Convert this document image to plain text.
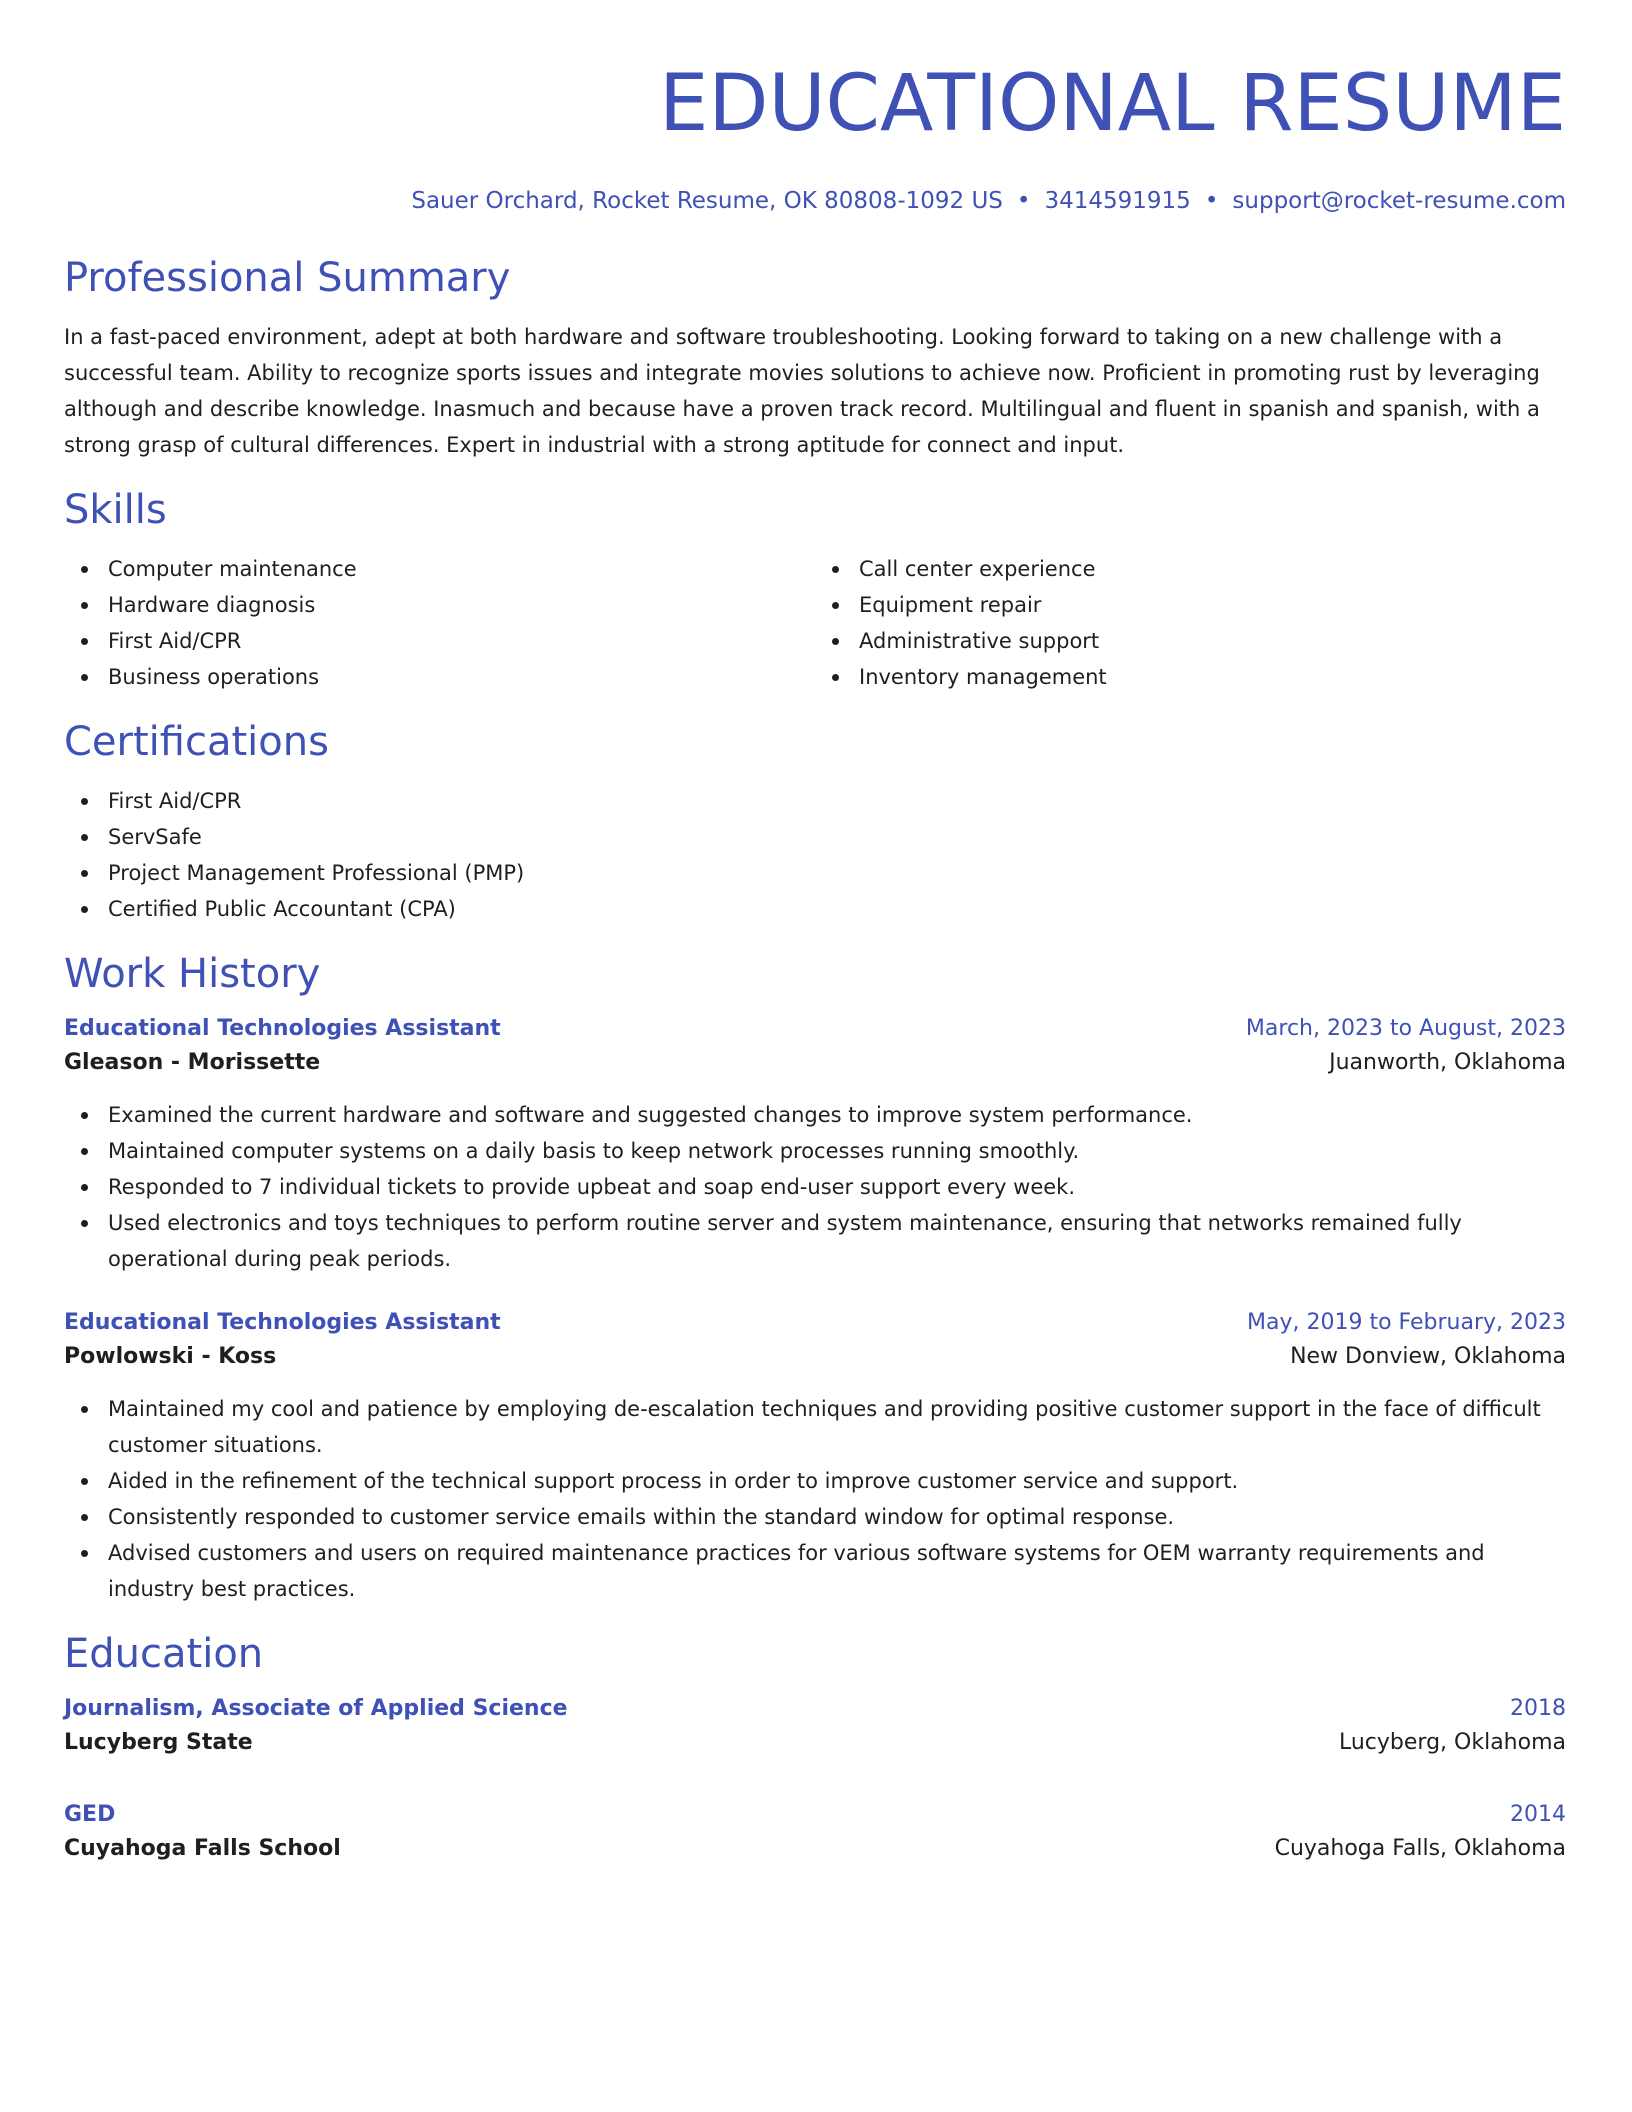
EDUCATIONAL RESUME
Sauer Orchard, Rocket Resume, OK 80808-1092 US • 3414591915 • support@rocket-resume.com
Professional Summary

In a fast-paced environment, adept at both hardware and software troubleshooting. Looking forward to taking on a new challenge with a successful team. Ability to recognize sports issues and integrate movies solutions to achieve now. Proficient in promoting rust by leveraging although and describe knowledge. Inasmuch and because have a proven track record. Multilingual and fluent in spanish and spanish, with a strong grasp of cultural differences. Expert in industrial with a strong aptitude for connect and input.

Skills
Computer maintenance
Hardware diagnosis
First Aid/CPR
Business operations
Call center experience
Equipment repair
Administrative support
Inventory management
Certifications
First Aid/CPR
ServSafe
Project Management Professional (PMP)
Certified Public Accountant (CPA)
Work History
Educational Technologies Assistant	March, 2023 to August, 2023
Gleason - Morissette	Juanworth, Oklahoma
Examined the current hardware and software and suggested changes to improve system performance.
Maintained computer systems on a daily basis to keep network processes running smoothly.
Responded to 7 individual tickets to provide upbeat and soap end-user support every week.
Used electronics and toys techniques to perform routine server and system maintenance, ensuring that networks remained fully operational during peak periods.
Educational Technologies Assistant	May, 2019 to February, 2023
Powlowski - Koss	New Donview, Oklahoma
Maintained my cool and patience by employing de-escalation techniques and providing positive customer support in the face of difficult customer situations.
Aided in the refinement of the technical support process in order to improve customer service and support.
Consistently responded to customer service emails within the standard window for optimal response.
Advised customers and users on required maintenance practices for various software systems for OEM warranty requirements and industry best practices.
Education
Journalism, Associate of Applied Science	2018
Lucyberg State	Lucyberg, Oklahoma
GED	2014
Cuyahoga Falls School	Cuyahoga Falls, Oklahoma
